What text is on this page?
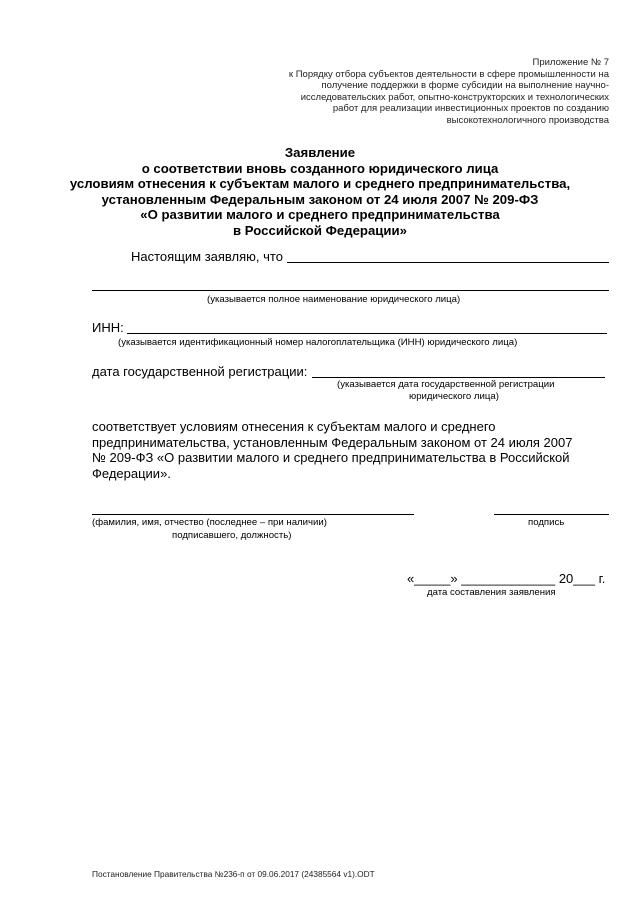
Приложение № 7
к Порядку отбора субъектов деятельности в сфере промышленности на
получение поддержки в форме субсидии на выполнение научно-
исследовательских работ, опытно-конструкторских и технологических
работ для реализации инвестиционных проектов по созданию
высокотехнологичного производства
Заявление
о соответствии вновь созданного юридического лица
условиям отнесения к субъектам малого и среднего предпринимательства,
установленным Федеральным законом от 24 июля 2007 № 209-ФЗ
«О развитии малого и среднего предпринимательства
в Российской Федерации»
Настоящим заявляю, что
(указывается полное наименование юридического лица)
ИНН:
(указывается идентификационный номер налогоплательщика (ИНН) юридического лица)
дата государственной регистрации:
(указывается дата государственной регистрации
юридического лица)
соответствует условиям отнесения к субъектам малого и среднего
предпринимательства, установленным Федеральным законом от 24 июля 2007
№ 209-ФЗ «О развитии малого и среднего предпринимательства в Российской
Федерации».
(фамилия, имя, отчество (последнее – при наличии)
подписавшего, должность)
подпись
«_____» _____________ 20___ г.
дата составления заявления
Постановление Правительства №236-п от 09.06.2017 (24385564 v1).ODT
